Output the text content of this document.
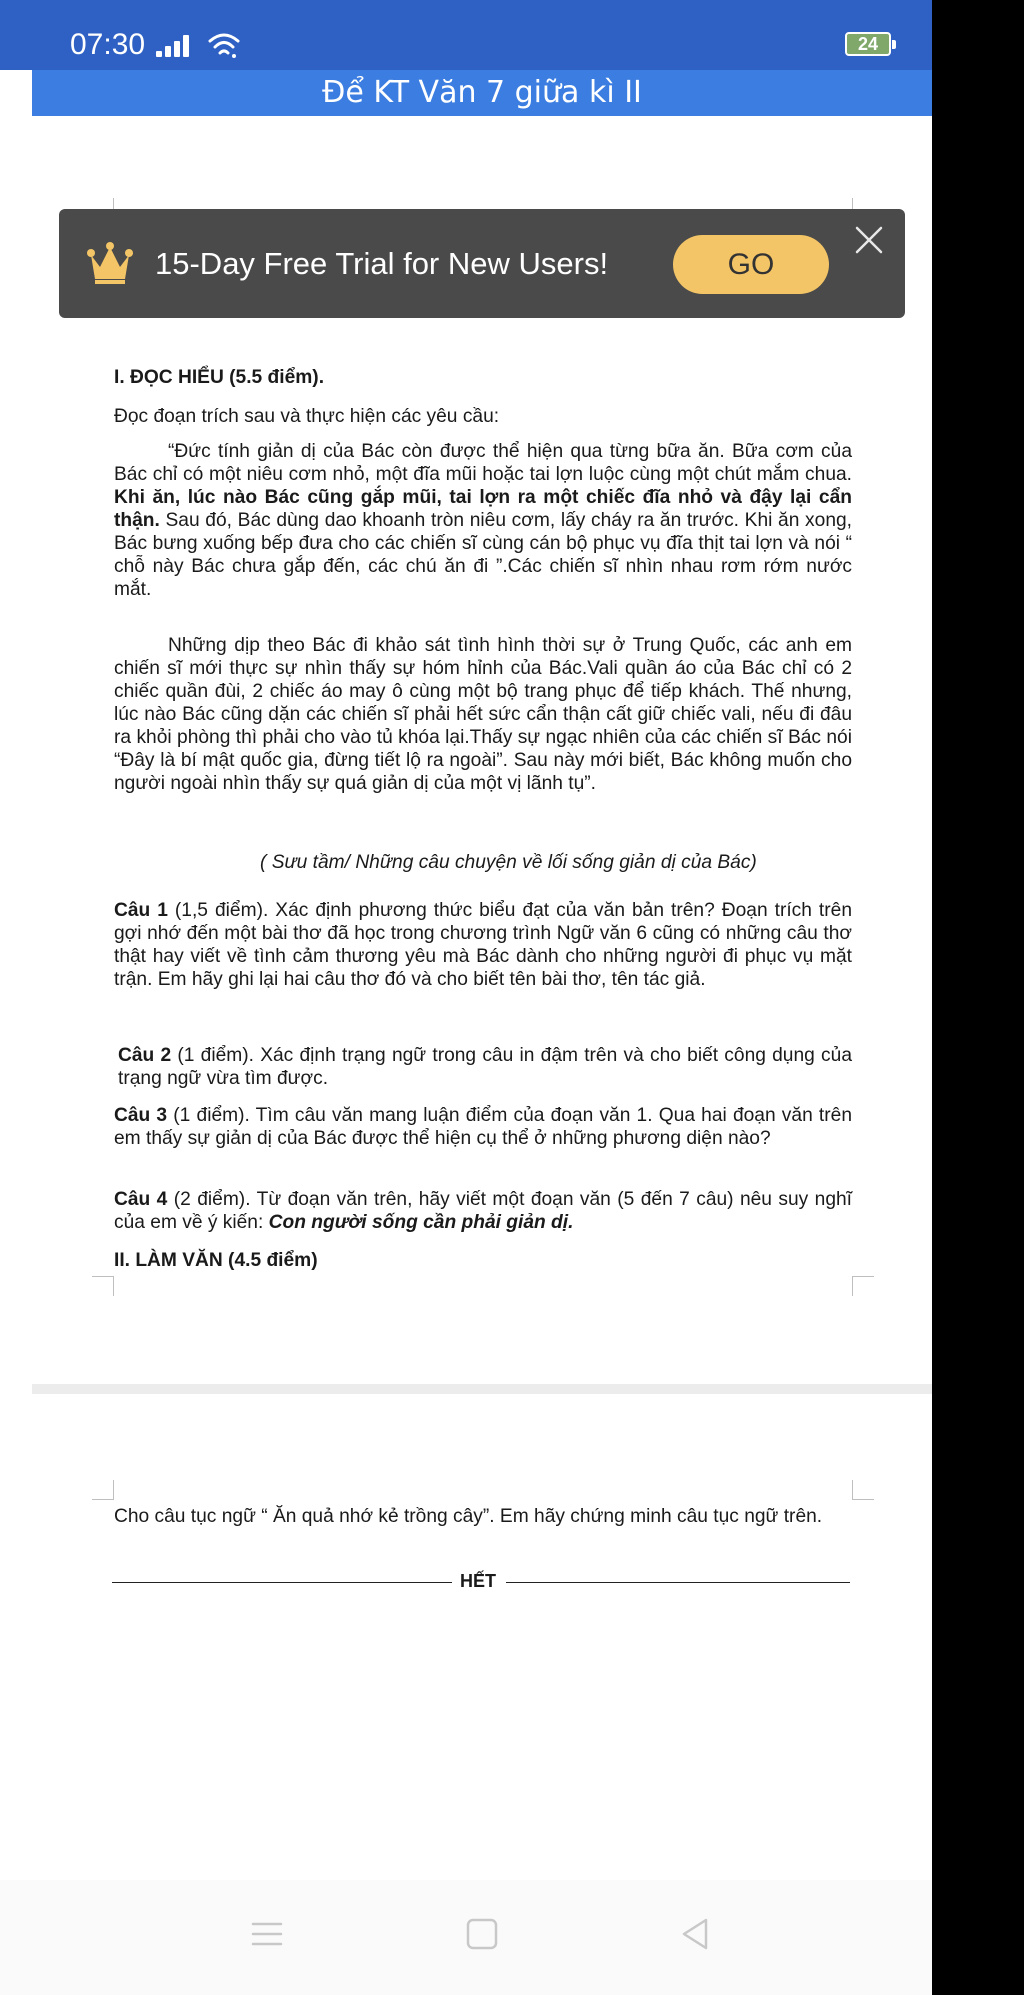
07:30	24
Để KT Văn 7 giữa kì II
I. ĐỌC HIỂU (5.5 điểm).
Đọc đoạn trích sau và thực hiện các yêu cầu:
“Đức tính giản dị của Bác còn được thể hiện qua từng bữa ăn. Bữa cơm của Bác chỉ có một niêu cơm nhỏ, một đĩa mũi hoặc tai lợn luộc cùng một chút mắm chua. Khi ăn, lúc nào Bác cũng gắp mũi, tai lợn ra một chiếc đĩa nhỏ và đậy lại cẩn thận. Sau đó, Bác dùng dao khoanh tròn niêu cơm, lấy cháy ra ăn trước. Khi ăn xong, Bác bưng xuống bếp đưa cho các chiến sĩ cùng cán bộ phục vụ đĩa thịt tai lợn và nói “ chỗ này Bác chưa gắp đến, các chú ăn đi ”.Các chiến sĩ nhìn nhau rơm rớm nước mắt.
Những dịp theo Bác đi khảo sát tình hình thời sự ở Trung Quốc, các anh em chiến sĩ mới thực sự nhìn thấy sự hóm hỉnh của Bác.Vali quần áo của Bác chỉ có 2 chiếc quần đùi, 2 chiếc áo may ô cùng một bộ trang phục để tiếp khách. Thế nhưng, lúc nào Bác cũng dặn các chiến sĩ phải hết sức cẩn thận cất giữ chiếc vali, nếu đi đâu ra khỏi phòng thì phải cho vào tủ khóa lại.Thấy sự ngạc nhiên của các chiến sĩ Bác nói “Đây là bí mật quốc gia, đừng tiết lộ ra ngoài”. Sau này mới biết, Bác không muốn cho người ngoài nhìn thấy sự quá giản dị của một vị lãnh tụ”.
( Sưu tầm/ Những câu chuyện về lối sống giản dị của Bác)
Câu 1 (1,5 điểm). Xác định phương thức biểu đạt của văn bản trên? Đoạn trích trên gợi nhớ đến một bài thơ đã học trong chương trình Ngữ văn 6 cũng có những câu thơ thật hay viết về tình cảm thương yêu mà Bác dành cho những người đi phục vụ mặt trận. Em hãy ghi lại hai câu thơ đó và cho biết tên bài thơ, tên tác giả.
Câu 2 (1 điểm). Xác định trạng ngữ trong câu in đậm trên và cho biết công dụng của trạng ngữ vừa tìm được.
Câu 3 (1 điểm). Tìm câu văn mang luận điểm của đoạn văn 1. Qua hai đoạn văn trên em thấy sự giản dị của Bác được thể hiện cụ thể ở những phương diện nào?
Câu 4 (2 điểm). Từ đoạn văn trên, hãy viết một đoạn văn (5 đến 7 câu) nêu suy nghĩ của em về ý kiến: Con người sống cần phải giản dị.
II. LÀM VĂN (4.5 điểm)
Cho câu tục ngữ “ Ăn quả nhớ kẻ trồng cây”. Em hãy chứng minh câu tục ngữ trên.
HẾT
15-Day Free Trial for New Users!	GO
